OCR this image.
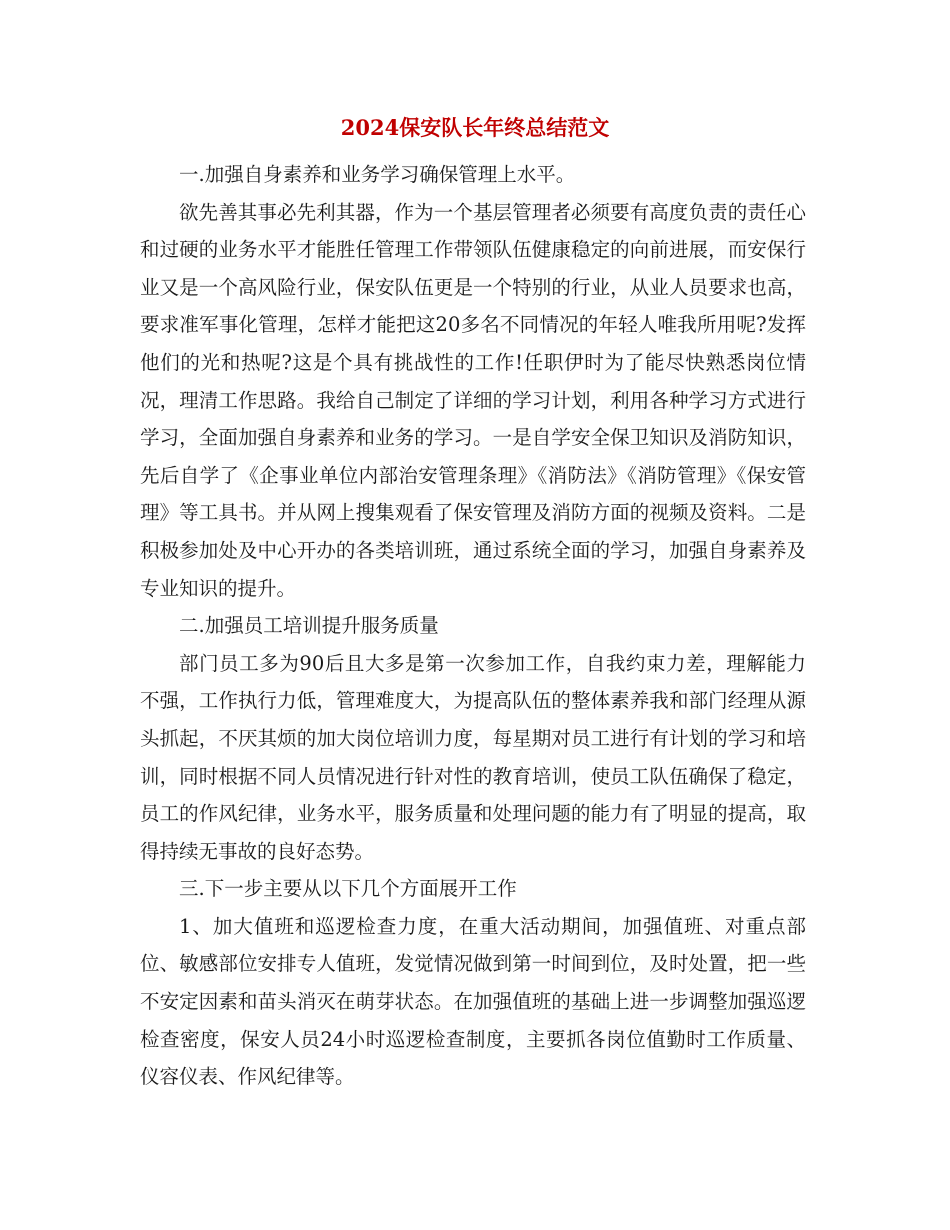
2024保安队长年终总结范文

一.加强自身素养和业务学习确保管理上水平。

欲先善其事必先利其器，作为一个基层管理者必须要有高度负责的责任心和过硬的业务水平才能胜任管理工作带领队伍健康稳定的向前进展，而安保行业又是一个高风险行业，保安队伍更是一个特别的行业，从业人员要求也高，要求准军事化管理，怎样才能把这20多名不同情况的年轻人唯我所用呢?发挥他们的光和热呢?这是个具有挑战性的工作!任职伊时为了能尽快熟悉岗位情况，理清工作思路。我给自己制定了详细的学习计划，利用各种学习方式进行学习，全面加强自身素养和业务的学习。一是自学安全保卫知识及消防知识，先后自学了《企事业单位内部治安管理条理》《消防法》《消防管理》《保安管理》等工具书。并从网上搜集观看了保安管理及消防方面的视频及资料。二是积极参加处及中心开办的各类培训班，通过系统全面的学习，加强自身素养及专业知识的提升。

二.加强员工培训提升服务质量

部门员工多为90后且大多是第一次参加工作，自我约束力差，理解能力不强，工作执行力低，管理难度大，为提高队伍的整体素养我和部门经理从源头抓起，不厌其烦的加大岗位培训力度，每星期对员工进行有计划的学习和培训，同时根据不同人员情况进行针对性的教育培训，使员工队伍确保了稳定，员工的作风纪律，业务水平，服务质量和处理问题的能力有了明显的提高，取得持续无事故的良好态势。

三.下一步主要从以下几个方面展开工作

1、加大值班和巡逻检查力度，在重大活动期间，加强值班、对重点部位、敏感部位安排专人值班，发觉情况做到第一时间到位，及时处置，把一些不安定因素和苗头消灭在萌芽状态。在加强值班的基础上进一步调整加强巡逻检查密度，保安人员24小时巡逻检查制度，主要抓各岗位值勤时工作质量、仪容仪表、作风纪律等。
